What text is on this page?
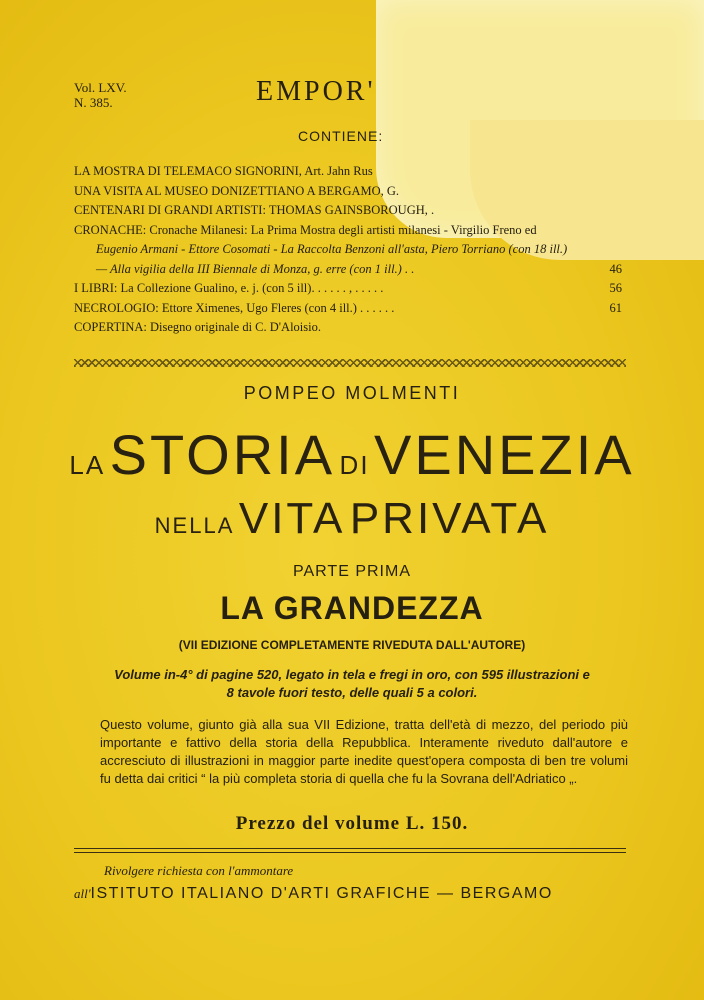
Vol. LXV.
N. 385.	EMPOR'
CONTIENE:
LA MOSTRA DI TELEMACO SIGNORINI, Art. Jahn Rus
UNA VISITA AL MUSEO DONIZETTIANO A BERGAMO, G.
CENTENARI DI GRANDI ARTISTI: THOMAS GAINSBOROUGH, .
CRONACHE: Cronache Milanesi: La Prima Mostra degli artisti milanesi - Virgilio Freno ed
Eugenio Armani - Ettore Cosomati - La Raccolta Benzoni all'asta, Piero Torriano (con 18 ill.)
— Alla vigilia della III Biennale di Monza, g. erre (con 1 ill.) . .	46
I LIBRI: La Collezione Gualino, e. j. (con 5 ill). . . . . . , . . . . .	56
NECROLOGIO: Ettore Ximenes, Ugo Fleres (con 4 ill.) . . . . . .	61
COPERTINA: Disegno originale di C. D'Aloisio.
POMPEO MOLMENTI
LA STORIA DI VENEZIA
NELLA VITA PRIVATA
PARTE PRIMA
LA GRANDEZZA
(VII EDIZIONE COMPLETAMENTE RIVEDUTA DALL'AUTORE)
Volume in-4° di pagine 520, legato in tela e fregi in oro, con 595 illustrazioni e
8 tavole fuori testo, delle quali 5 a colori.
Questo volume, giunto già alla sua VII Edizione, tratta dell'età di mezzo, del periodo più importante e fattivo della storia della Repubblica. Interamente riveduto dall'autore e accresciuto di illustrazioni in maggior parte inedite quest'opera composta di ben tre volumi fu detta dai critici “ la più completa storia di quella che fu la Sovrana dell'Adriatico „.
Prezzo del volume L. 150.
Rivolgere richiesta con l'ammontare
all'ISTITUTO ITALIANO D'ARTI GRAFICHE — BERGAMO
